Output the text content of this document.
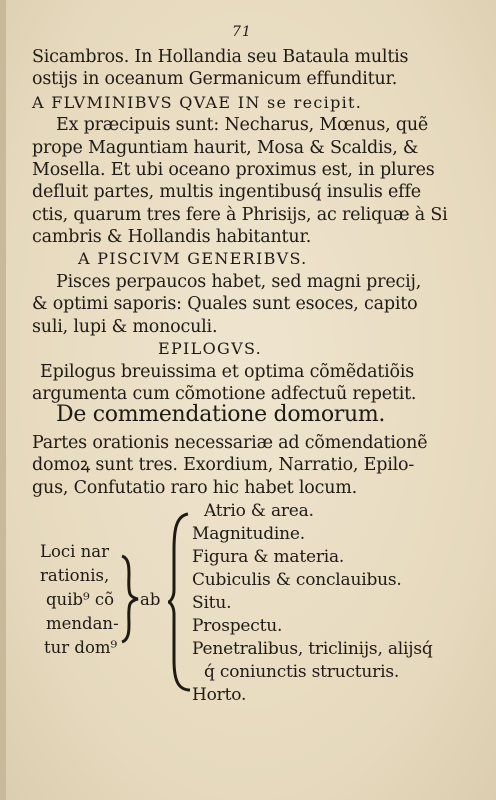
71
Sicambros. In Hollandia seu Bataula multis
ostijs in oceanum Germanicum effunditur.
A FLVMINIBVS QVAE IN se recipit.
Ex præcipuis sunt: Necharus, Mœnus, quẽ
prope Maguntiam haurit, Mosa & Scaldis, &
Mosella. Et ubi oceano proximus est, in plures
defluit partes, multis ingentibusq́ insulis effe
ctis, quarum tres fere à Phrisijs, ac reliquæ à Si
cambris & Hollandis habitantur.
A PISCIVM GENERIBVS.
Pisces perpaucos habet, sed magni precij,
& optimi saporis: Quales sunt esoces, capito
suli, lupi & monoculi.
EPILOGVS.
Epilogus breuissima et optima cõmẽdatiõis
argumenta cum cõmotione adfectuũ repetit.
De commendatione domorum.
Partes orationis necessariæ ad cõmendationẽ
domoꝝ sunt tres. Exordium, Narratio, Epilo-
gus, Confutatio raro hic habet locum.
Loci nar
rationis,
quib⁹ cõ
mendan-
tur dom⁹
ab
Atrio & area.
Magnitudine.
Figura & materia.
Cubiculis & conclauibus.
Situ.
Prospectu.
Penetralibus, triclinijs, alijsq́
q́ coniunctis structuris.
Horto.
